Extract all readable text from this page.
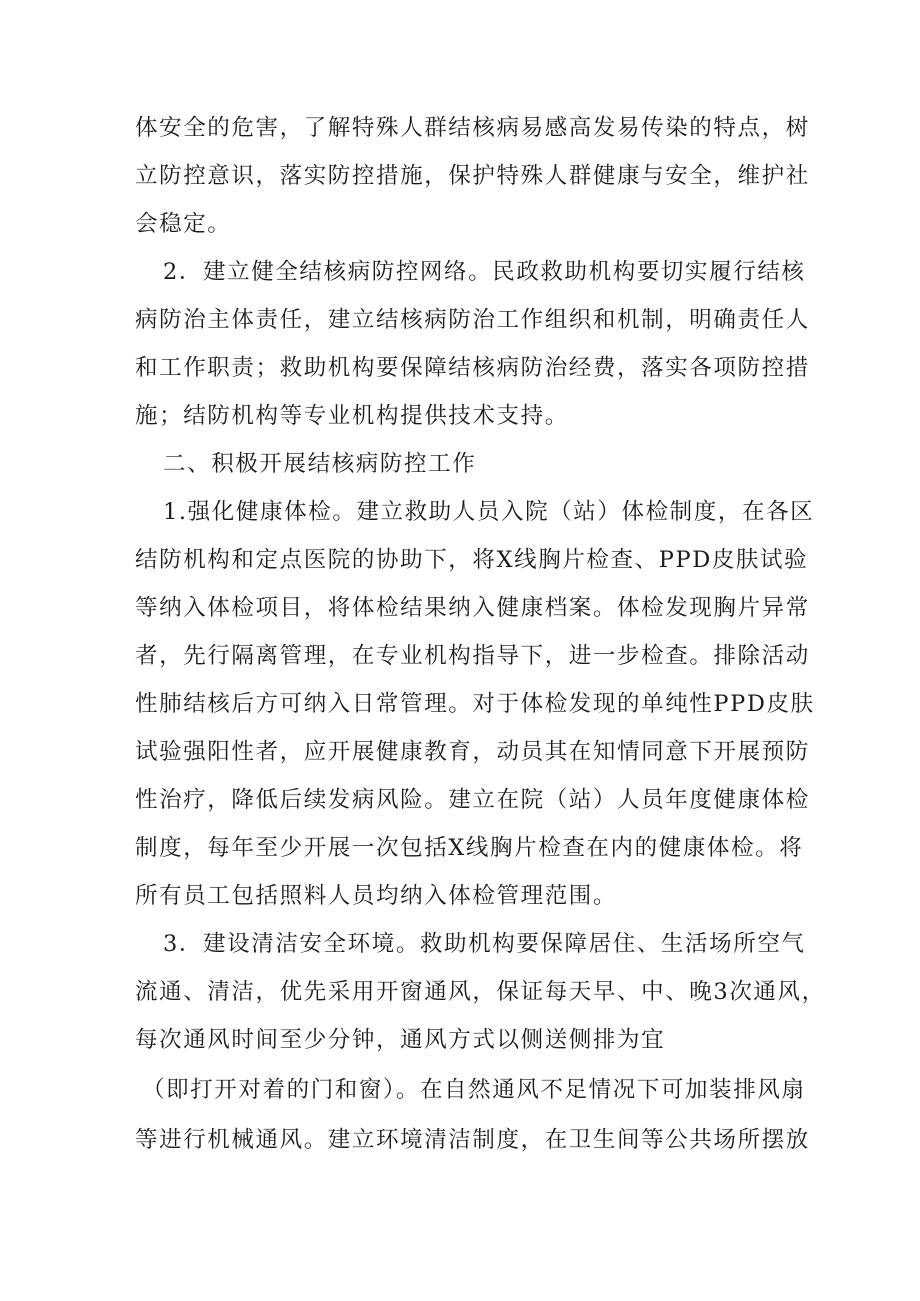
体安全的危害，了解特殊人群结核病易感高发易传染的特点，树
立防控意识，落实防控措施，保护特殊人群健康与安全，维护社
会稳定。
2．建立健全结核病防控网络。民政救助机构要切实履行结核
病防治主体责任，建立结核病防治工作组织和机制，明确责任人
和工作职责；救助机构要保障结核病防治经费，落实各项防控措
施；结防机构等专业机构提供技术支持。
二、积极开展结核病防控工作
1.强化健康体检。建立救助人员入院（站）体检制度，在各区
结防机构和定点医院的协助下，将X线胸片检查、PPD皮肤试验
等纳入体检项目，将体检结果纳入健康档案。体检发现胸片异常
者，先行隔离管理，在专业机构指导下，进一步检查。排除活动
性肺结核后方可纳入日常管理。对于体检发现的单纯性PPD皮肤
试验强阳性者，应开展健康教育，动员其在知情同意下开展预防
性治疗，降低后续发病风险。建立在院（站）人员年度健康体检
制度，每年至少开展一次包括X线胸片检查在内的健康体检。将
所有员工包括照料人员均纳入体检管理范围。
3．建设清洁安全环境。救助机构要保障居住、生活场所空气
流通、清洁，优先采用开窗通风，保证每天早、中、晚3次通风，
每次通风时间至少分钟，通风方式以侧送侧排为宜
（即打开对着的门和窗）。在自然通风不足情况下可加装排风扇
等进行机械通风。建立环境清洁制度，在卫生间等公共场所摆放
